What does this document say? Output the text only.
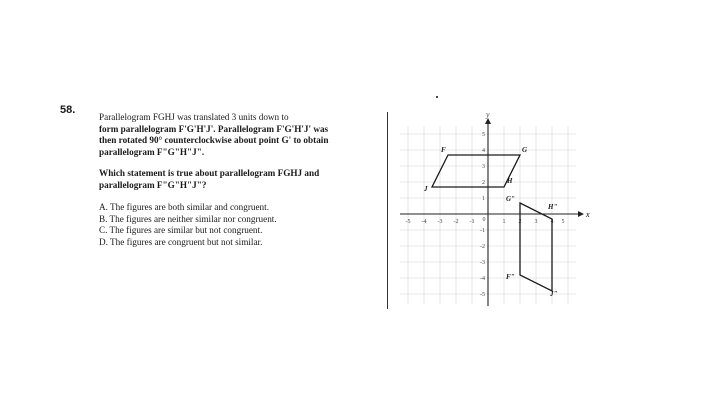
58.

Parallelogram FGHJ was translated 3 units down to

form parallelogram F'G'H'J'. Parallelogram F'G'H'J' was

then rotated 90° counterclockwise about point G' to obtain

parallelogram F"G"H"J".

Which statement is true about parallelogram FGHJ and

parallelogram F"G"H"J"?

A. The figures are both similar and congruent.

B. The figures are neither similar nor congruent.

C. The figures are similar but not congruent.

D. The figures are congruent but not similar.

x
y
-5 -4 -3 -2 -1 0	1 2 3 4 5
5
4
3
2
1
-1
-2
-3
-4
-5
F	G
H
J
G"
H"
F"
J"
